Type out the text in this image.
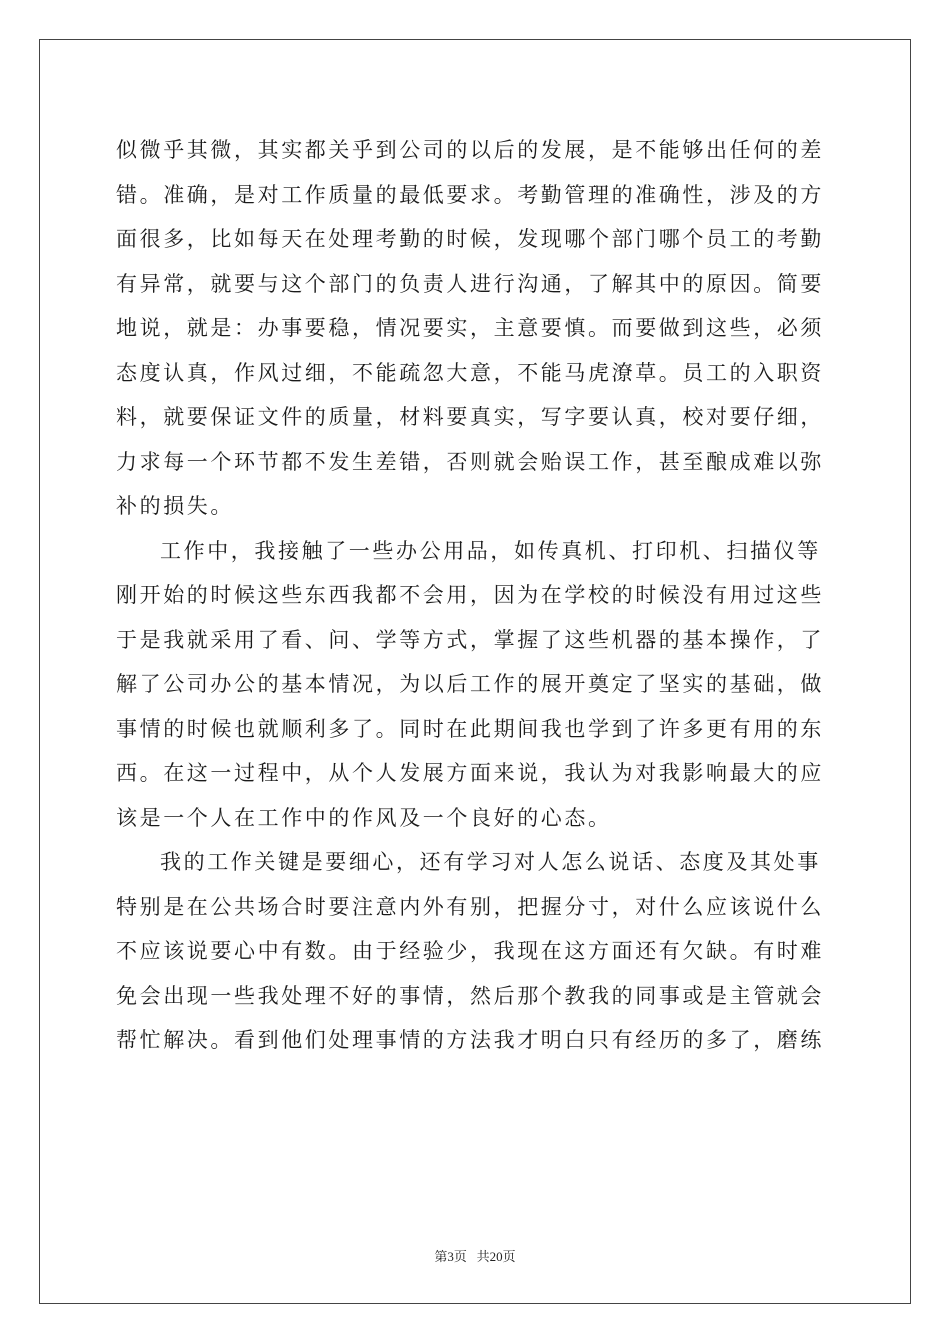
似微乎其微，其实都关乎到公司的以后的发展，是不能够出任何的差
错。准确，是对工作质量的最低要求。考勤管理的准确性，涉及的方
面很多，比如每天在处理考勤的时候，发现哪个部门哪个员工的考勤
有异常，就要与这个部门的负责人进行沟通，了解其中的原因。简要
地说，就是：办事要稳，情况要实，主意要慎。而要做到这些，必须
态度认真，作风过细，不能疏忽大意，不能马虎潦草。员工的入职资
料，就要保证文件的质量，材料要真实，写字要认真，校对要仔细，
力求每一个环节都不发生差错，否则就会贻误工作，甚至酿成难以弥
补的损失。
工作中，我接触了一些办公用品，如传真机、打印机、扫描仪等
刚开始的时候这些东西我都不会用，因为在学校的时候没有用过这些
于是我就采用了看、问、学等方式，掌握了这些机器的基本操作，了
解了公司办公的基本情况，为以后工作的展开奠定了坚实的基础，做
事情的时候也就顺利多了。同时在此期间我也学到了许多更有用的东
西。在这一过程中，从个人发展方面来说，我认为对我影响最大的应
该是一个人在工作中的作风及一个良好的心态。
我的工作关键是要细心，还有学习对人怎么说话、态度及其处事
特别是在公共场合时要注意内外有别，把握分寸，对什么应该说什么
不应该说要心中有数。由于经验少，我现在这方面还有欠缺。有时难
免会出现一些我处理不好的事情，然后那个教我的同事或是主管就会
帮忙解决。看到他们处理事情的方法我才明白只有经历的多了，磨练
第3页   共20页
